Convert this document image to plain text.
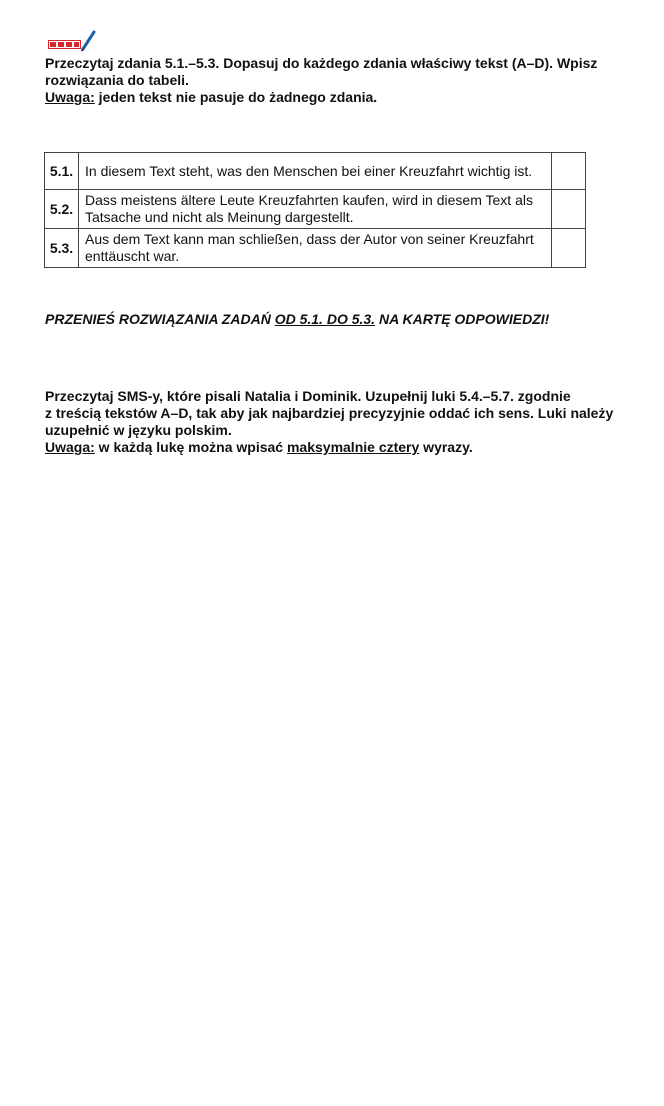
Przeczytaj zdania 5.1.–5.3. Dopasuj do każdego zdania właściwy tekst (A–D). Wpisz

rozwiązania do tabeli.

Uwaga: jeden tekst nie pasuje do żadnego zdania.

5.1.	In diesem Text steht, was den Menschen bei einer Kreuzfahrt wichtig ist.	
5.2.	Dass meistens ältere Leute Kreuzfahrten kaufen, wird in diesem Text als Tatsache und nicht als Meinung dargestellt.	
5.3.	Aus dem Text kann man schließen, dass der Autor von seiner Kreuzfahrt enttäuscht war.	
PRZENIEŚ ROZWIĄZANIA ZADAŃ OD 5.1. DO 5.3. NA KARTĘ ODPOWIEDZI!

Przeczytaj SMS-y, które pisali Natalia i Dominik. Uzupełnij luki 5.4.–5.7. zgodnie

z treścią tekstów A–D, tak aby jak najbardziej precyzyjnie oddać ich sens. Luki należy

uzupełnić w języku polskim.

Uwaga: w każdą lukę można wpisać maksymalnie cztery wyrazy.
